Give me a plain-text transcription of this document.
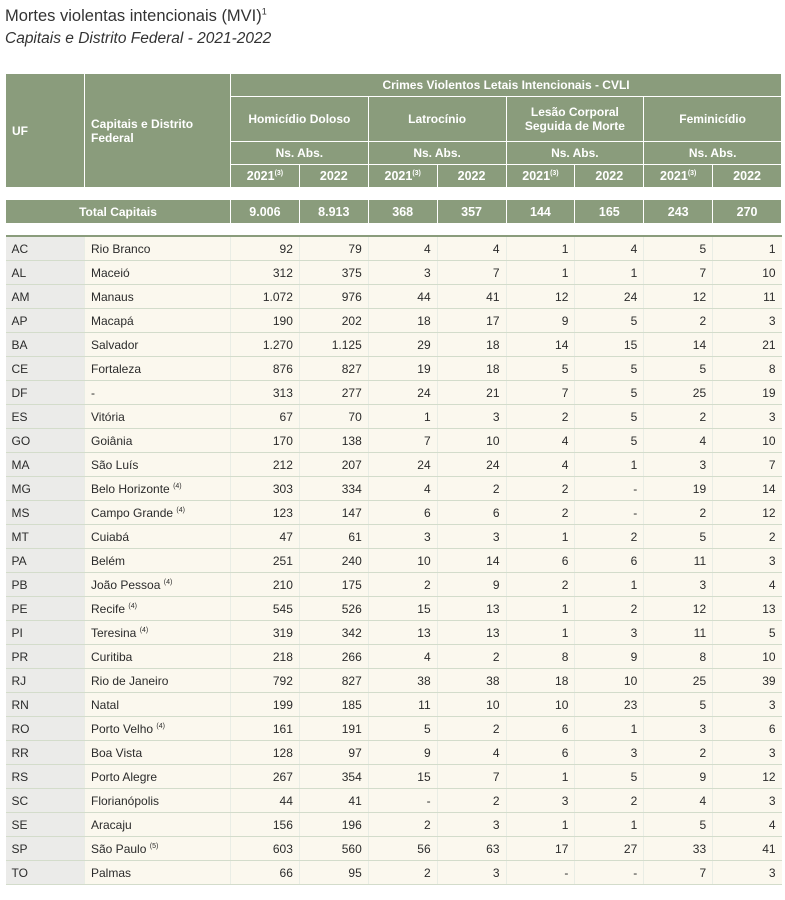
Mortes violentas intencionais (MVI)$^1$
Capitais e Distrito Federal - 2021-2022
UF	Capitais e Distrito Federal	Crimes Violentos Letais Intencionais - CVLI							
		Homicídio Doloso		Latrocínio		Lesão Corporal Seguida de Morte		Feminicídio	
		Ns. Abs.		Ns. Abs.		Ns. Abs.		Ns. Abs.	
		2021$^{(3)}$	2022	2021$^{(3)}$	2022	2021$^{(3)}$	2022	2021$^{(3)}$	2022

Total Capitais		9.006	8.913	368	357	144	165	243	270

AC	Rio Branco	92	79	4	4	1	4	5	1
AL	Maceió	312	375	3	7	1	1	7	10
AM	Manaus	1.072	976	44	41	12	24	12	11
AP	Macapá	190	202	18	17	9	5	2	3
BA	Salvador	1.270	1.125	29	18	14	15	14	21
CE	Fortaleza	876	827	19	18	5	5	5	8
DF	-	313	277	24	21	7	5	25	19
ES	Vitória	67	70	1	3	2	5	2	3
GO	Goiânia	170	138	7	10	4	5	4	10
MA	São Luís	212	207	24	24	4	1	3	7
MG	Belo Horizonte $^{(4)}$	303	334	4	2	2	-	19	14
MS	Campo Grande $^{(4)}$	123	147	6	6	2	-	2	12
MT	Cuiabá	47	61	3	3	1	2	5	2
PA	Belém	251	240	10	14	6	6	11	3
PB	João Pessoa $^{(4)}$	210	175	2	9	2	1	3	4
PE	Recife $^{(4)}$	545	526	15	13	1	2	12	13
PI	Teresina $^{(4)}$	319	342	13	13	1	3	11	5
PR	Curitiba	218	266	4	2	8	9	8	10
RJ	Rio de Janeiro	792	827	38	38	18	10	25	39
RN	Natal	199	185	11	10	10	23	5	3
RO	Porto Velho $^{(4)}$	161	191	5	2	6	1	3	6
RR	Boa Vista	128	97	9	4	6	3	2	3
RS	Porto Alegre	267	354	15	7	1	5	9	12
SC	Florianópolis	44	41	-	2	3	2	4	3
SE	Aracaju	156	196	2	3	1	1	5	4
SP	São Paulo $^{(5)}$	603	560	56	63	17	27	33	41
TO	Palmas	66	95	2	3	-	-	7	3
